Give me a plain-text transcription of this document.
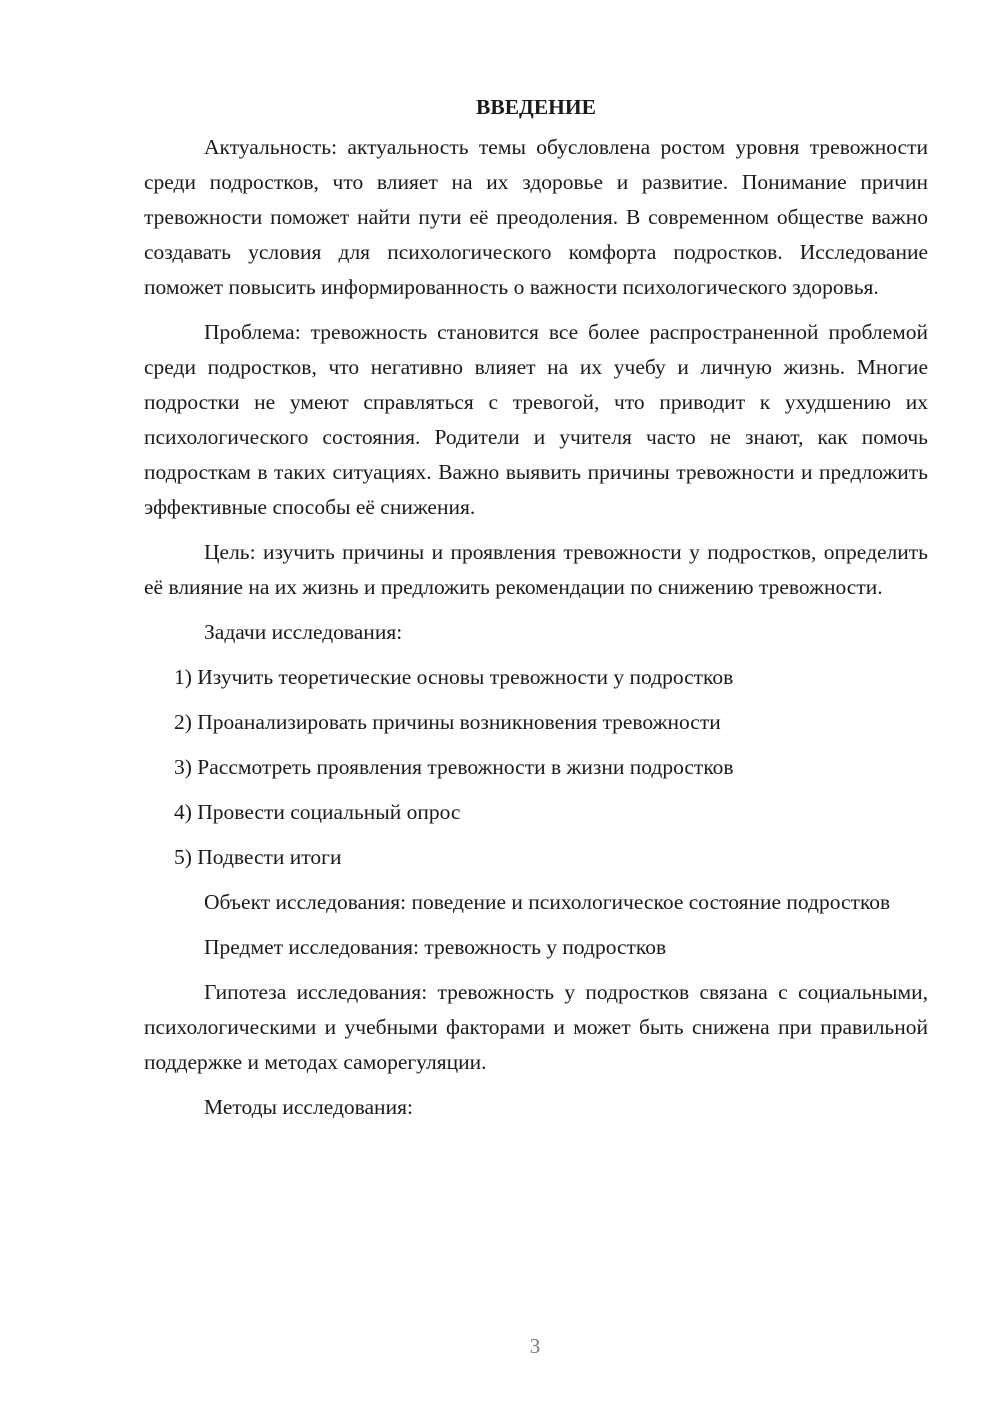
ВВЕДЕНИЕ

Актуальность: актуальность темы обусловлена ростом уровня тревожности среди подростков, что влияет на их здоровье и развитие. Понимание причин тревожности поможет найти пути её преодоления. В современном обществе важно создавать условия для психологического комфорта подростков. Исследование поможет повысить информированность о важности психологического здоровья.

Проблема: тревожность становится все более распространенной проблемой среди подростков, что негативно влияет на их учебу и личную жизнь. Многие подростки не умеют справляться с тревогой, что приводит к ухудшению их психологического состояния. Родители и учителя часто не знают, как помочь подросткам в таких ситуациях. Важно выявить причины тревожности и предложить эффективные способы её снижения.

Цель: изучить причины и проявления тревожности у подростков, определить её влияние на их жизнь и предложить рекомендации по снижению тревожности.

Задачи исследования:

1) Изучить теоретические основы тревожности у подростков
2) Проанализировать причины возникновения тревожности
3) Рассмотреть проявления тревожности в жизни подростков
4) Провести социальный опрос
5) Подвести итоги

Объект исследования: поведение и психологическое состояние подростков

Предмет исследования: тревожность у подростков

Гипотеза исследования: тревожность у подростков связана с социальными, психологическими и учебными факторами и может быть снижена при правильной поддержке и методах саморегуляции.

Методы исследования:

3
